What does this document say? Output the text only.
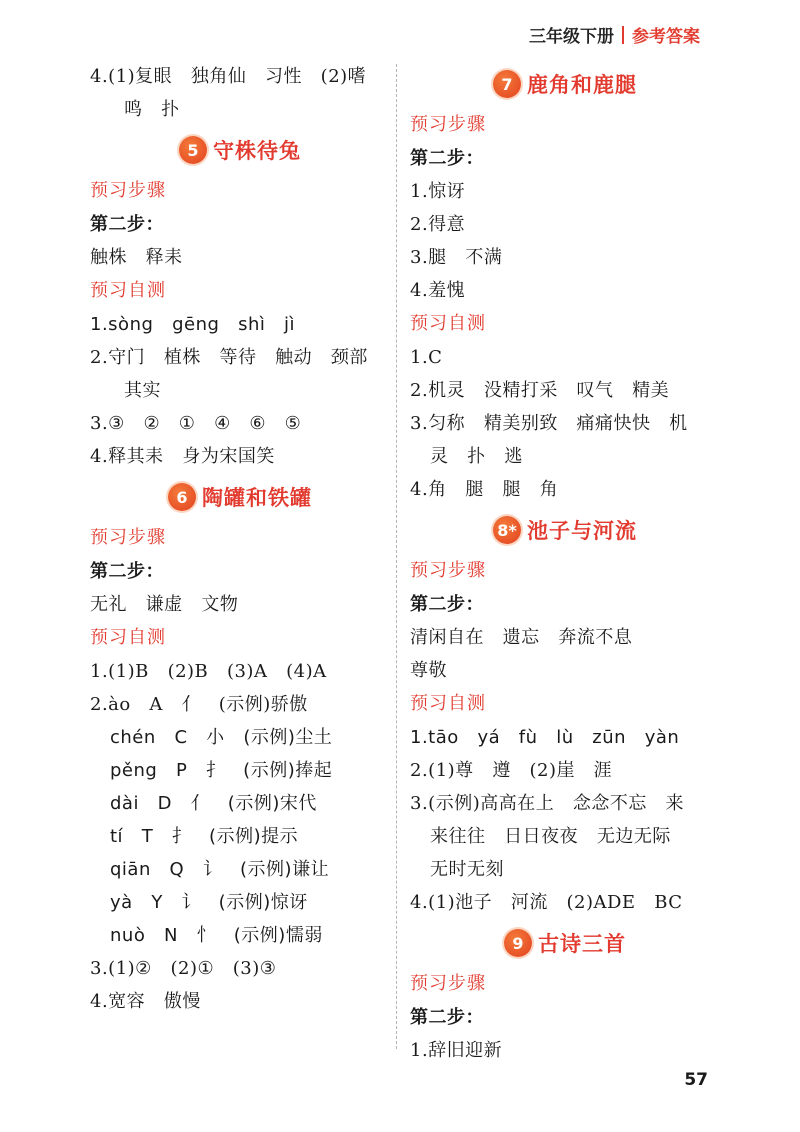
三年级下册 参考答案
4.(1)复眼   独角仙   习性   (2)嗜
鸣   扑
5 守株待兔
预习步骤
第二步：
触株   释耒
预习自测
1.sòng   gēng   shì   jì
2.守门   植株   等待   触动   颈部
其实
3.③   ②   ①   ④   ⑥   ⑤
4.释其耒   身为宋国笑
6 陶罐和铁罐
预习步骤
第二步：
无礼   谦虚   文物
预习自测
1.(1)B   (2)B   (3)A   (4)A
2.ào   A   亻   (示例)骄傲
chén   C   小   (示例)尘土
pěng   P   扌   (示例)捧起
dài   D   亻   (示例)宋代
tí   T   扌   (示例)提示
qiān   Q   讠   (示例)谦让
yà   Y   讠   (示例)惊讶
nuò   N   忄   (示例)懦弱
3.(1)②   (2)①   (3)③
4.宽容   傲慢
7 鹿角和鹿腿
预习步骤
第二步：
1.惊讶
2.得意
3.腿   不满
4.羞愧
预习自测
1.C
2.机灵   没精打采   叹气   精美
3.匀称   精美别致   痛痛快快   机
灵   扑   逃
4.角   腿   腿   角
8* 池子与河流
预习步骤
第二步：
清闲自在   遗忘   奔流不息
尊敬
预习自测
1.tāo   yá   fù   lù   zūn   yàn
2.(1)尊   遵   (2)崖   涯
3.(示例)高高在上   念念不忘   来
来往往   日日夜夜   无边无际
无时无刻
4.(1)池子   河流   (2)ADE   BC
9 古诗三首
预习步骤
第二步：
1.辞旧迎新
57
